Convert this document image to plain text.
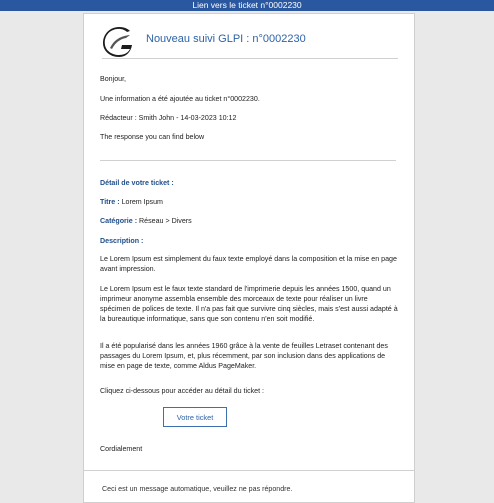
Lien vers le ticket n°0002230
Nouveau suivi GLPI : n°0002230
Bonjour,
Une information a été ajoutée au ticket n°0002230.
Rédacteur : Smith John - 14-03-2023 10:12
The response you can find below
Détail de votre ticket :
Titre : Lorem Ipsum
Catégorie : Réseau > Divers
Description :
Le Lorem Ipsum est simplement du faux texte employé dans la composition et la mise en page avant impression.
Le Lorem Ipsum est le faux texte standard de l'imprimerie depuis les années 1500, quand un imprimeur anonyme assembla ensemble des morceaux de texte pour réaliser un livre spécimen de polices de texte. Il n'a pas fait que survivre cinq siècles, mais s'est aussi adapté à la bureautique informatique, sans que son contenu n'en soit modifié.
Il a été popularisé dans les années 1960 grâce à la vente de feuilles Letraset contenant des passages du Lorem Ipsum, et, plus récemment, par son inclusion dans des applications de mise en page de texte, comme Aldus PageMaker.
Cliquez ci-dessous pour accéder au détail du ticket :
Votre ticket
Cordialement
Ceci est un message automatique, veuillez ne pas répondre.
